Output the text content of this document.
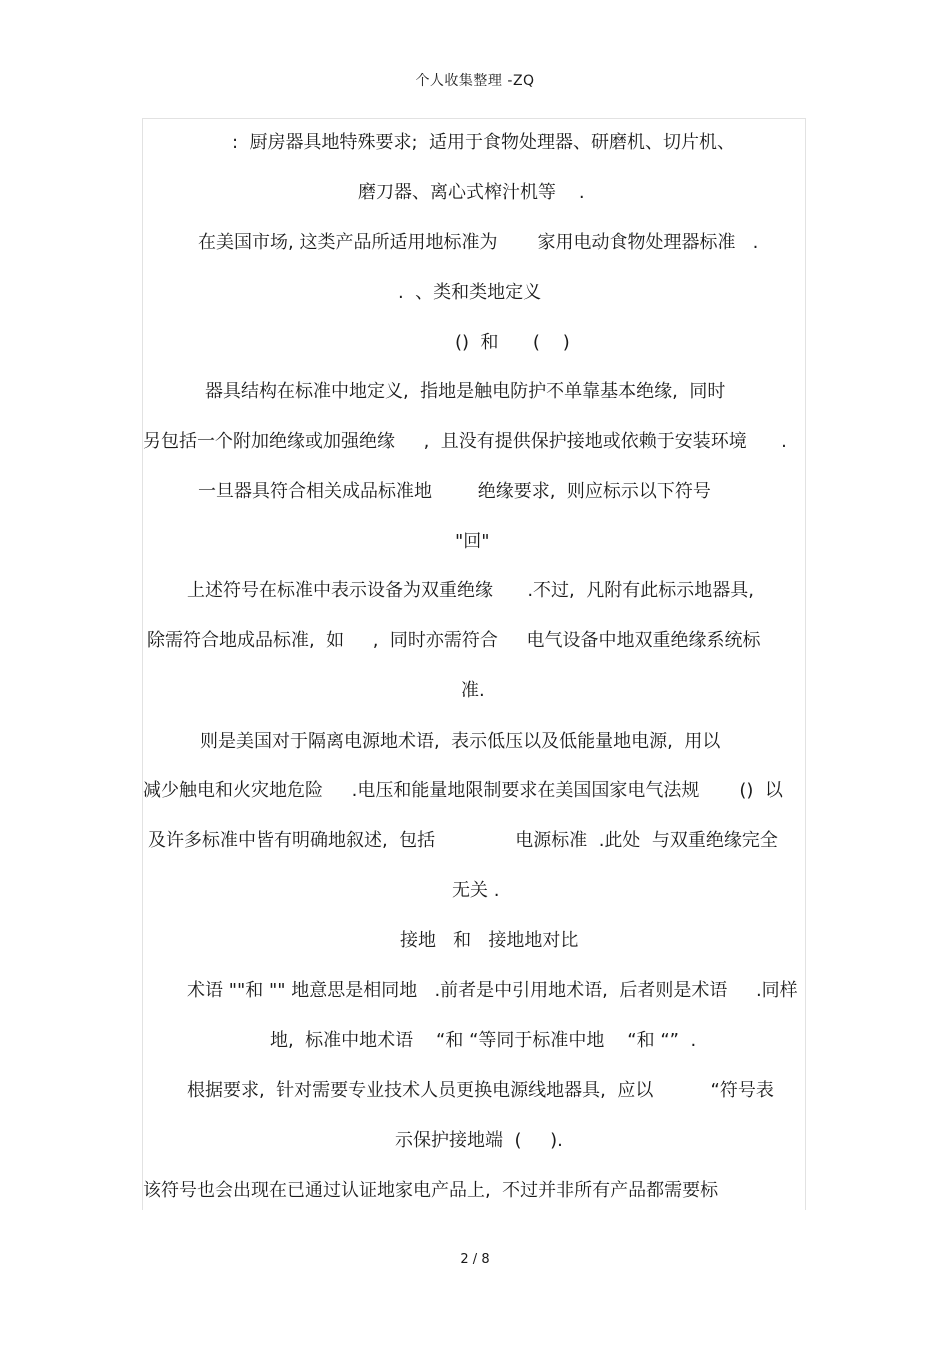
个人收集整理 -ZQ
:  厨房器具地特殊要求;  适用于食物处理器、研磨机、切片机、
磨刀器、离心式榨汁机等    .
在美国市场, 这类产品所适用地标准为       家用电动食物处理器标准   .
.  、类和类地定义
()  和      (    )
器具结构在标准中地定义,  指地是触电防护不单靠基本绝缘,  同时
另包括一个附加绝缘或加强绝缘     ,  且没有提供保护接地或依赖于安装环境      .
一旦器具符合相关成品标准地        绝缘要求,  则应标示以下符号
"回"
上述符号在标准中表示设备为双重绝缘      .不过,  凡附有此标示地器具,
除需符合地成品标准,  如     ,  同时亦需符合     电气设备中地双重绝缘系统标
准.
则是美国对于隔离电源地术语,  表示低压以及低能量地电源,  用以
减少触电和火灾地危险     .电压和能量地限制要求在美国国家电气法规       ()  以
及许多标准中皆有明确地叙述,  包括              电源标准  .此处  与双重绝缘完全
无关 .
接地   和   接地地对比
术语 ""和 "" 地意思是相同地   .前者是中引用地术语,  后者则是术语     .同样
地,  标准中地术语    “和 “等同于标准中地    “和 “”  .
根据要求,  针对需要专业技术人员更换电源线地器具,  应以          “符号表
示保护接地端  (     ).
该符号也会出现在已通过认证地家电产品上,  不过并非所有产品都需要标
2 / 8
